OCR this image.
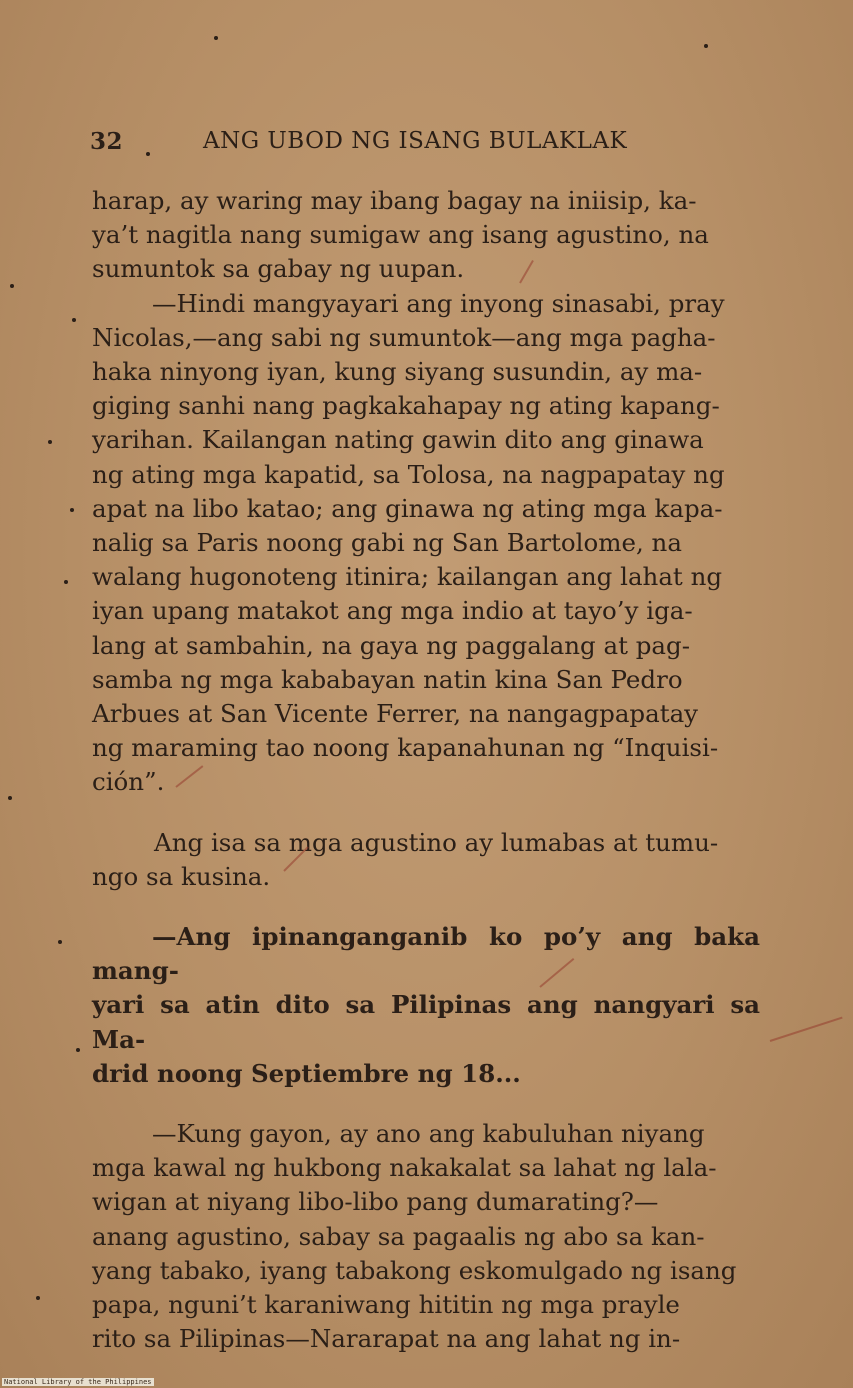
32	ANG UBOD NG ISANG BULAKLAK

harap, ay waring may ibang bagay na iniisip, ka-
ya’t nagitla nang sumigaw ang isang agustino, na
sumuntok sa gabay ng uupan.

—Hindi mangyayari ang inyong sinasabi, pray
Nicolas,—ang sabi ng sumuntok—ang mga pagha-
haka ninyong iyan, kung siyang susundin, ay ma-
giging sanhi nang pagkakahapay ng ating kapang-
yarihan. Kailangan nating gawin dito ang ginawa
ng ating mga kapatid, sa Tolosa, na nagpapatay ng
apat na libo katao; ang ginawa ng ating mga kapa-
nalig sa Paris noong gabi ng San Bartolome, na
walang hugonoteng itinira; kailangan ang lahat ng
iyan upang matakot ang mga indio at tayo’y iga-
lang at sambahin, na gaya ng paggalang at pag-
samba ng mga kababayan natin kina San Pedro
Arbues at San Vicente Ferrer, na nangagpapatay
ng maraming tao noong kapanahunan ng “Inquisi-
ción”.

Ang isa sa mga agustino ay lumabas at tumu-
ngo sa kusina.

—Ang ipinanganganib ko po’y ang baka mang-
yari sa atin dito sa Pilipinas ang nangyari sa Ma-
drid noong Septiembre ng 18...

—Kung gayon, ay ano ang kabuluhan niyang
mga kawal ng hukbong nakakalat sa lahat ng lala-
wigan at niyang libo-libo pang dumarating?—
anang agustino, sabay sa pagaalis ng abo sa kan-
yang tabako, iyang tabakong eskomulgado ng isang
papa, nguni’t karaniwang hititin ng mga prayle
rito sa Pilipinas—Nararapat na ang lahat ng in-

National Library of the Philippines
